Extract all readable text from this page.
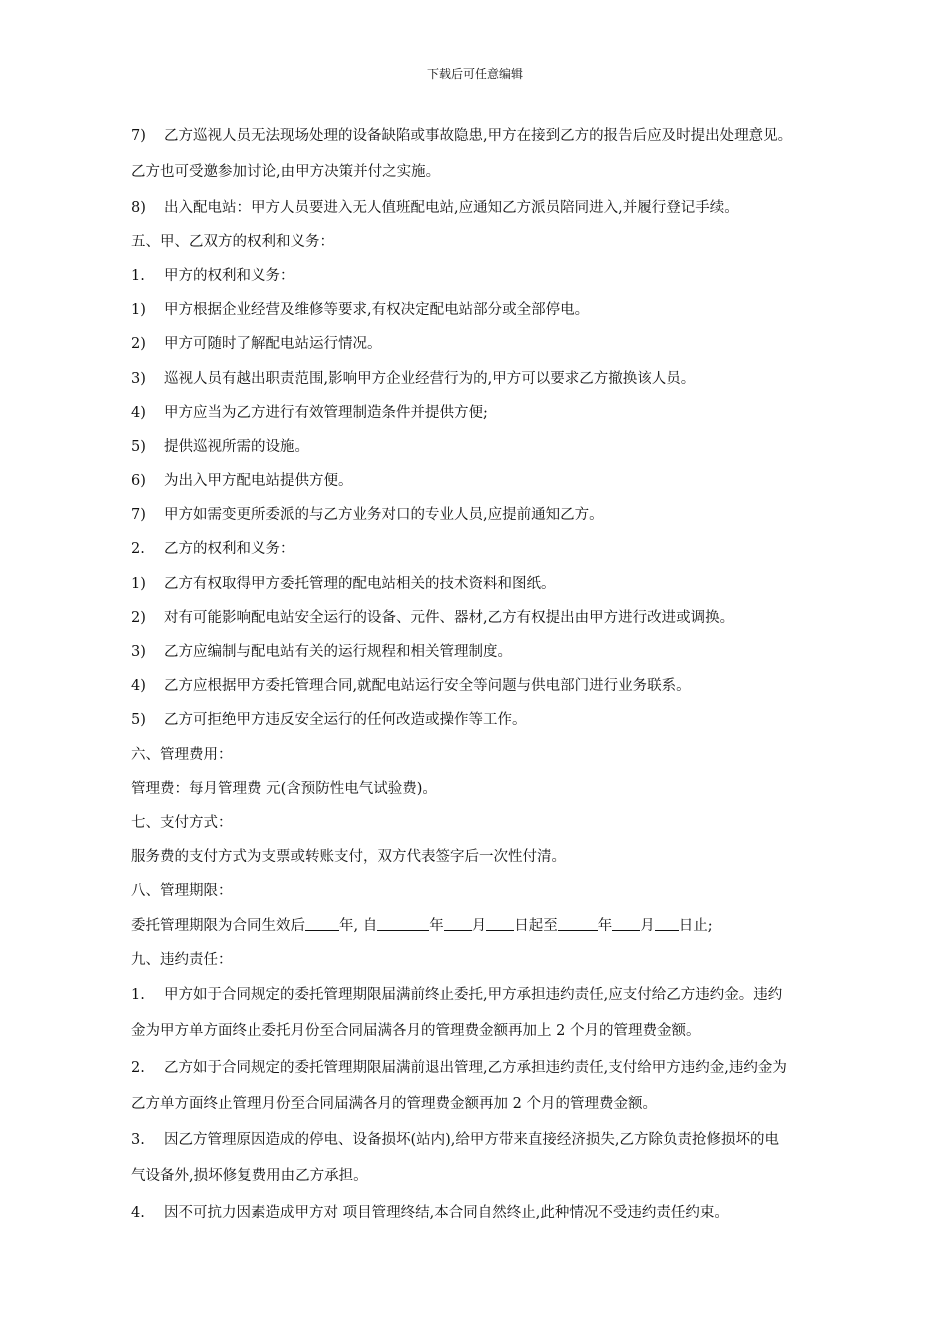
下载后可任意编辑
7) 乙方巡视人员无法现场处理的设备缺陷或事故隐患,甲方在接到乙方的报告后应及时提出处理意见。
乙方也可受邀参加讨论,由甲方决策并付之实施。
8) 出入配电站：甲方人员要进入无人值班配电站,应通知乙方派员陪同进入,并履行登记手续。
五、甲、乙双方的权利和义务：
1. 甲方的权利和义务：
1) 甲方根据企业经营及维修等要求,有权决定配电站部分或全部停电。
2) 甲方可随时了解配电站运行情况。
3) 巡视人员有越出职责范围,影响甲方企业经营行为的,甲方可以要求乙方撤换该人员。
4) 甲方应当为乙方进行有效管理制造条件并提供方便;
5) 提供巡视所需的设施。
6) 为出入甲方配电站提供方便。
7) 甲方如需变更所委派的与乙方业务对口的专业人员,应提前通知乙方。
2. 乙方的权利和义务：
1) 乙方有权取得甲方委托管理的配电站相关的技术资料和图纸。
2) 对有可能影响配电站安全运行的设备、元件、器材,乙方有权提出由甲方进行改进或调换。
3) 乙方应编制与配电站有关的运行规程和相关管理制度。
4) 乙方应根据甲方委托管理合同,就配电站运行安全等问题与供电部门进行业务联系。
5) 乙方可拒绝甲方违反安全运行的任何改造或操作等工作。
六、管理费用：
管理费：每月管理费 元(含预防性电气试验费)。
七、支付方式：
服务费的支付方式为支票或转账支付，双方代表签字后一次性付清。
八、管理期限：
委托管理期限为合同生效后 年, 自	年 月 日起至	年 月 日止;
九、违约责任：
1. 甲方如于合同规定的委托管理期限届满前终止委托,甲方承担违约责任,应支付给乙方违约金。违约
金为甲方单方面终止委托月份至合同届满各月的管理费金额再加上 2 个月的管理费金额。
2. 乙方如于合同规定的委托管理期限届满前退出管理,乙方承担违约责任,支付给甲方违约金,违约金为
乙方单方面终止管理月份至合同届满各月的管理费金额再加 2 个月的管理费金额。
3. 因乙方管理原因造成的停电、设备损坏(站内),给甲方带来直接经济损失,乙方除负责抢修损坏的电
气设备外,损坏修复费用由乙方承担。
4. 因不可抗力因素造成甲方对 项目管理终结,本合同自然终止,此种情况不受违约责任约束。
